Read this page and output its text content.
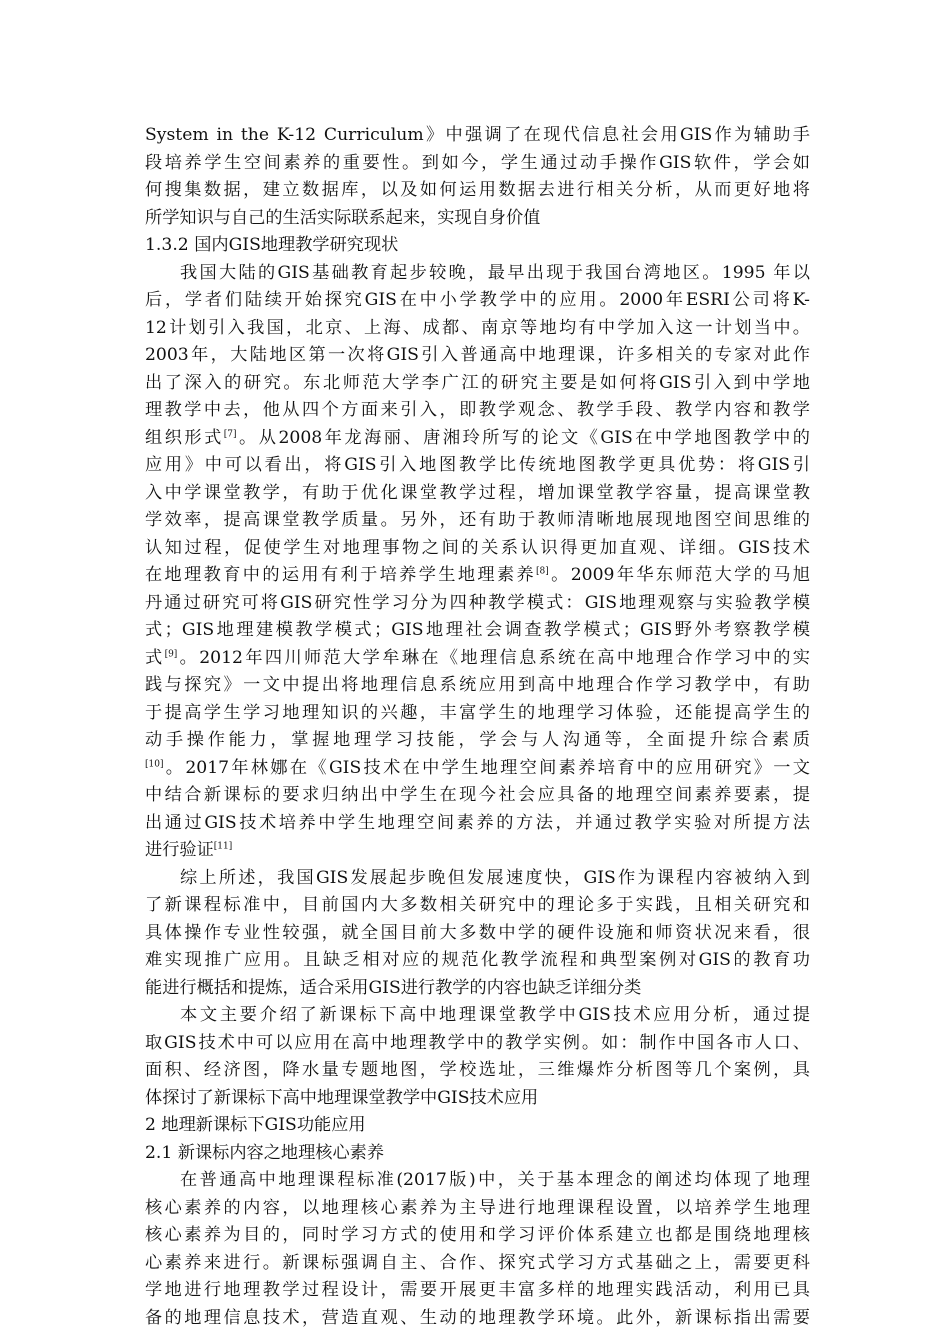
System in the K-12 Curriculum》中强调了在现代信息社会用GIS作为辅助手
段培养学生空间素养的重要性。到如今，学生通过动手操作GIS软件，学会如
何搜集数据，建立数据库，以及如何运用数据去进行相关分析，从而更好地将
所学知识与自己的生活实际联系起来，实现自身价值
1.3.2 国内GIS地理教学研究现状
我国大陆的GIS基础教育起步较晚，最早出现于我国台湾地区。1995 年以
后，学者们陆续开始探究GIS在中小学教学中的应用。2000年ESRI公司将K-
12计划引入我国，北京、上海、成都、南京等地均有中学加入这一计划当中。
2003年，大陆地区第一次将GIS引入普通高中地理课，许多相关的专家对此作
出了深入的研究。东北师范大学李广江的研究主要是如何将GIS引入到中学地
理教学中去，他从四个方面来引入，即教学观念、教学手段、教学内容和教学
组织形式[7]。从2008年龙海丽、唐湘玲所写的论文《GIS在中学地图教学中的
应用》中可以看出，将GIS引入地图教学比传统地图教学更具优势：将GIS引
入中学课堂教学，有助于优化课堂教学过程，增加课堂教学容量，提高课堂教
学效率，提高课堂教学质量。另外，还有助于教师清晰地展现地图空间思维的
认知过程，促使学生对地理事物之间的关系认识得更加直观、详细。GIS技术
在地理教育中的运用有利于培养学生地理素养[8]。2009年华东师范大学的马旭
丹通过研究可将GIS研究性学习分为四种教学模式：GIS地理观察与实验教学模
式；GIS地理建模教学模式；GIS地理社会调查教学模式；GIS野外考察教学模
式[9]。2012年四川师范大学牟琳在《地理信息系统在高中地理合作学习中的实
践与探究》一文中提出将地理信息系统应用到高中地理合作学习教学中，有助
于提高学生学习地理知识的兴趣，丰富学生的地理学习体验，还能提高学生的
动手操作能力，掌握地理学习技能，学会与人沟通等，全面提升综合素质
[10]。2017年林娜在《GIS技术在中学生地理空间素养培育中的应用研究》一文
中结合新课标的要求归纳出中学生在现今社会应具备的地理空间素养要素，提
出通过GIS技术培养中学生地理空间素养的方法，并通过教学实验对所提方法
进行验证[11]
综上所述，我国GIS发展起步晚但发展速度快，GIS作为课程内容被纳入到
了新课程标准中，目前国内大多数相关研究中的理论多于实践，且相关研究和
具体操作专业性较强，就全国目前大多数中学的硬件设施和师资状况来看，很
难实现推广应用。且缺乏相对应的规范化教学流程和典型案例对GIS的教育功
能进行概括和提炼，适合采用GIS进行教学的内容也缺乏详细分类
本文主要介绍了新课标下高中地理课堂教学中GIS技术应用分析，通过提
取GIS技术中可以应用在高中地理教学中的教学实例。如：制作中国各市人口、
面积、经济图，降水量专题地图，学校选址，三维爆炸分析图等几个案例，具
体探讨了新课标下高中地理课堂教学中GIS技术应用
2 地理新课标下GIS功能应用
2.1 新课标内容之地理核心素养
在普通高中地理课程标准(2017版)中，关于基本理念的阐述均体现了地理
核心素养的内容，以地理核心素养为主导进行地理课程设置，以培养学生地理
核心素养为目的，同时学习方式的使用和学习评价体系建立也都是围绕地理核
心素养来进行。新课标强调自主、合作、探究式学习方式基础之上，需要更科
学地进行地理教学过程设计，需要开展更丰富多样的地理实践活动，利用已具
备的地理信息技术，营造直观、生动的地理教学环境。此外，新课标指出需要
